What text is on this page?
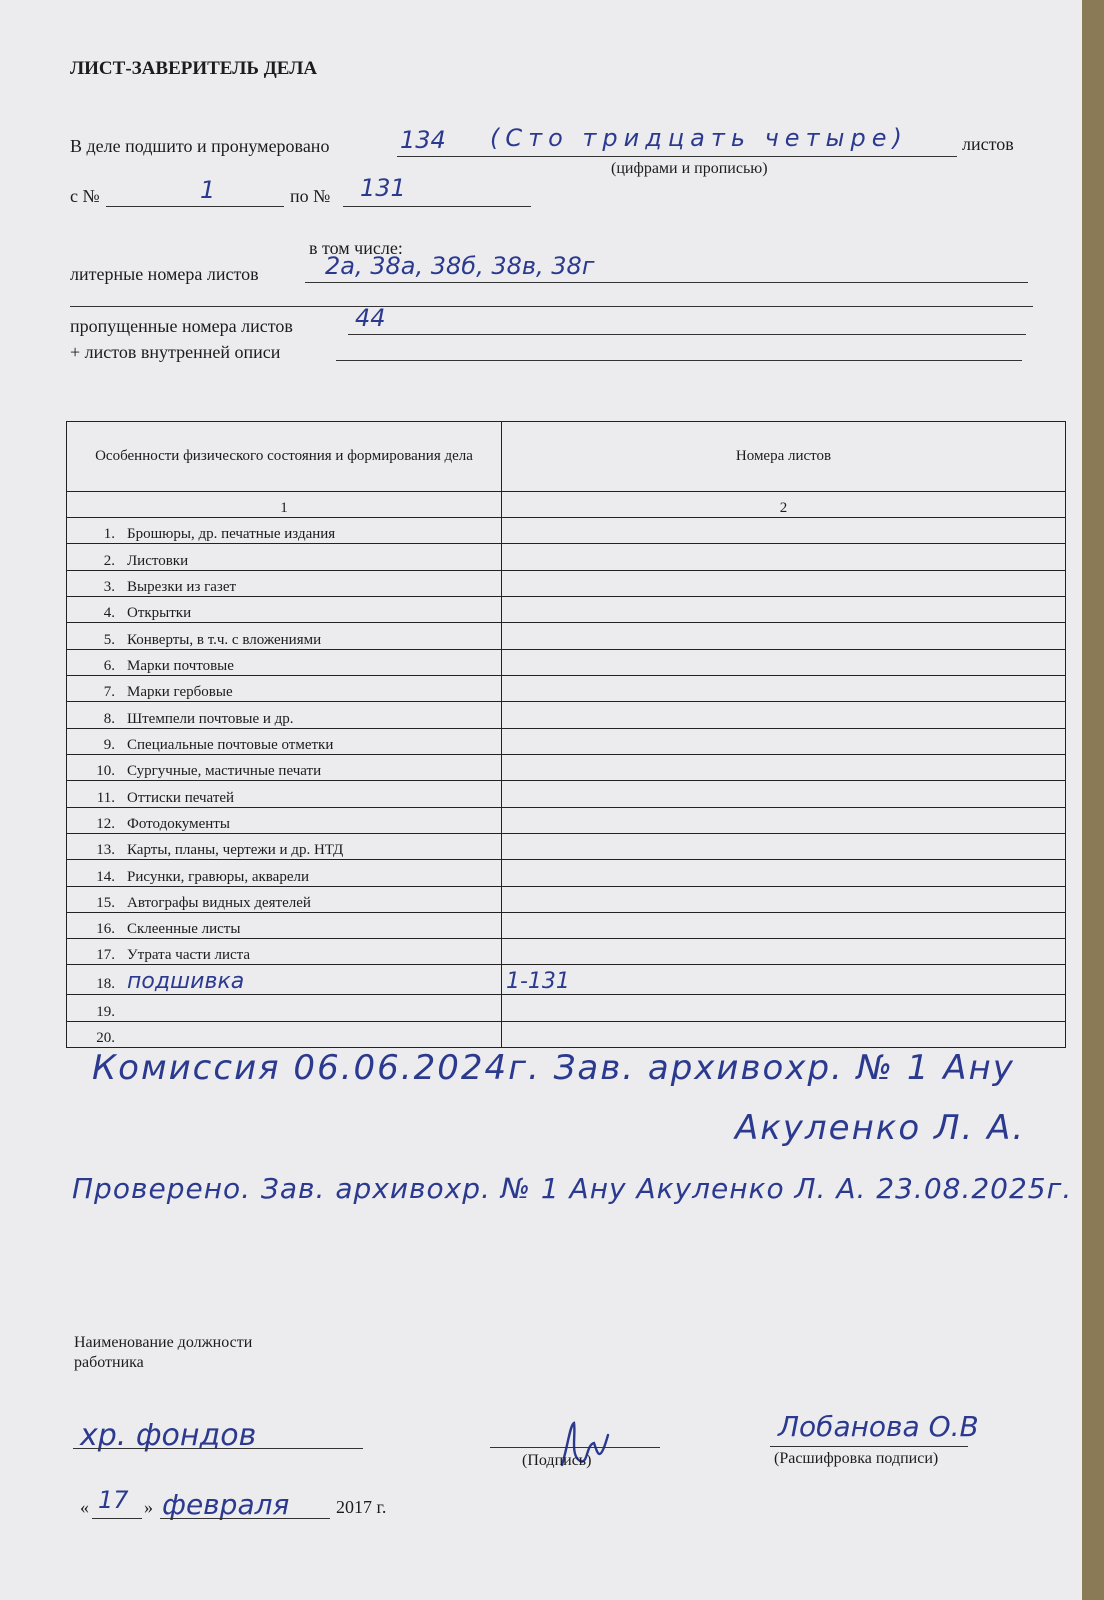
ЛИСТ-ЗАВЕРИТЕЛЬ ДЕЛА
В деле подшито и пронумеровано	134 (Сто тридцать четыре)	листов
(цифрами и прописью)
с №	1	по № 131
в том числе:
литерные номера листов	2а, 38а, 38б, 38в, 38г
пропущенные номера листов	44
+ листов внутренней описи
Особенности физического состояния и формирования дела	Номера листов
1	2
1. Брошюры, др. печатные издания	
2. Листовки	
3. Вырезки из газет	
4. Открытки	
5. Конверты, в т.ч. с вложениями	
6. Марки почтовые	
7. Марки гербовые	
8. Штемпели почтовые и др.	
9. Специальные почтовые отметки	
10. Сургучные, мастичные печати	
11. Оттиски печатей	
12. Фотодокументы	
13. Карты, планы, чертежи и др. НТД	
14. Рисунки, гравюры, акварели	
15. Автографы видных деятелей	
16. Склеенные листы	
17. Утрата части листа	
18. подшивка	1-131
19.	
20.	
Комиссия 06.06.2024г. Зав. архивохр. № 1 Ану
Акуленко Л. А.
Проверено. Зав. архивохр. № 1 Ану Акуленко Л. А. 23.08.2025г.
Наименование должности
работника
хр. фондов
(Подпись)
Лобанова О.В
(Расшифровка подписи)
« 17 » февраля	2017 г.
